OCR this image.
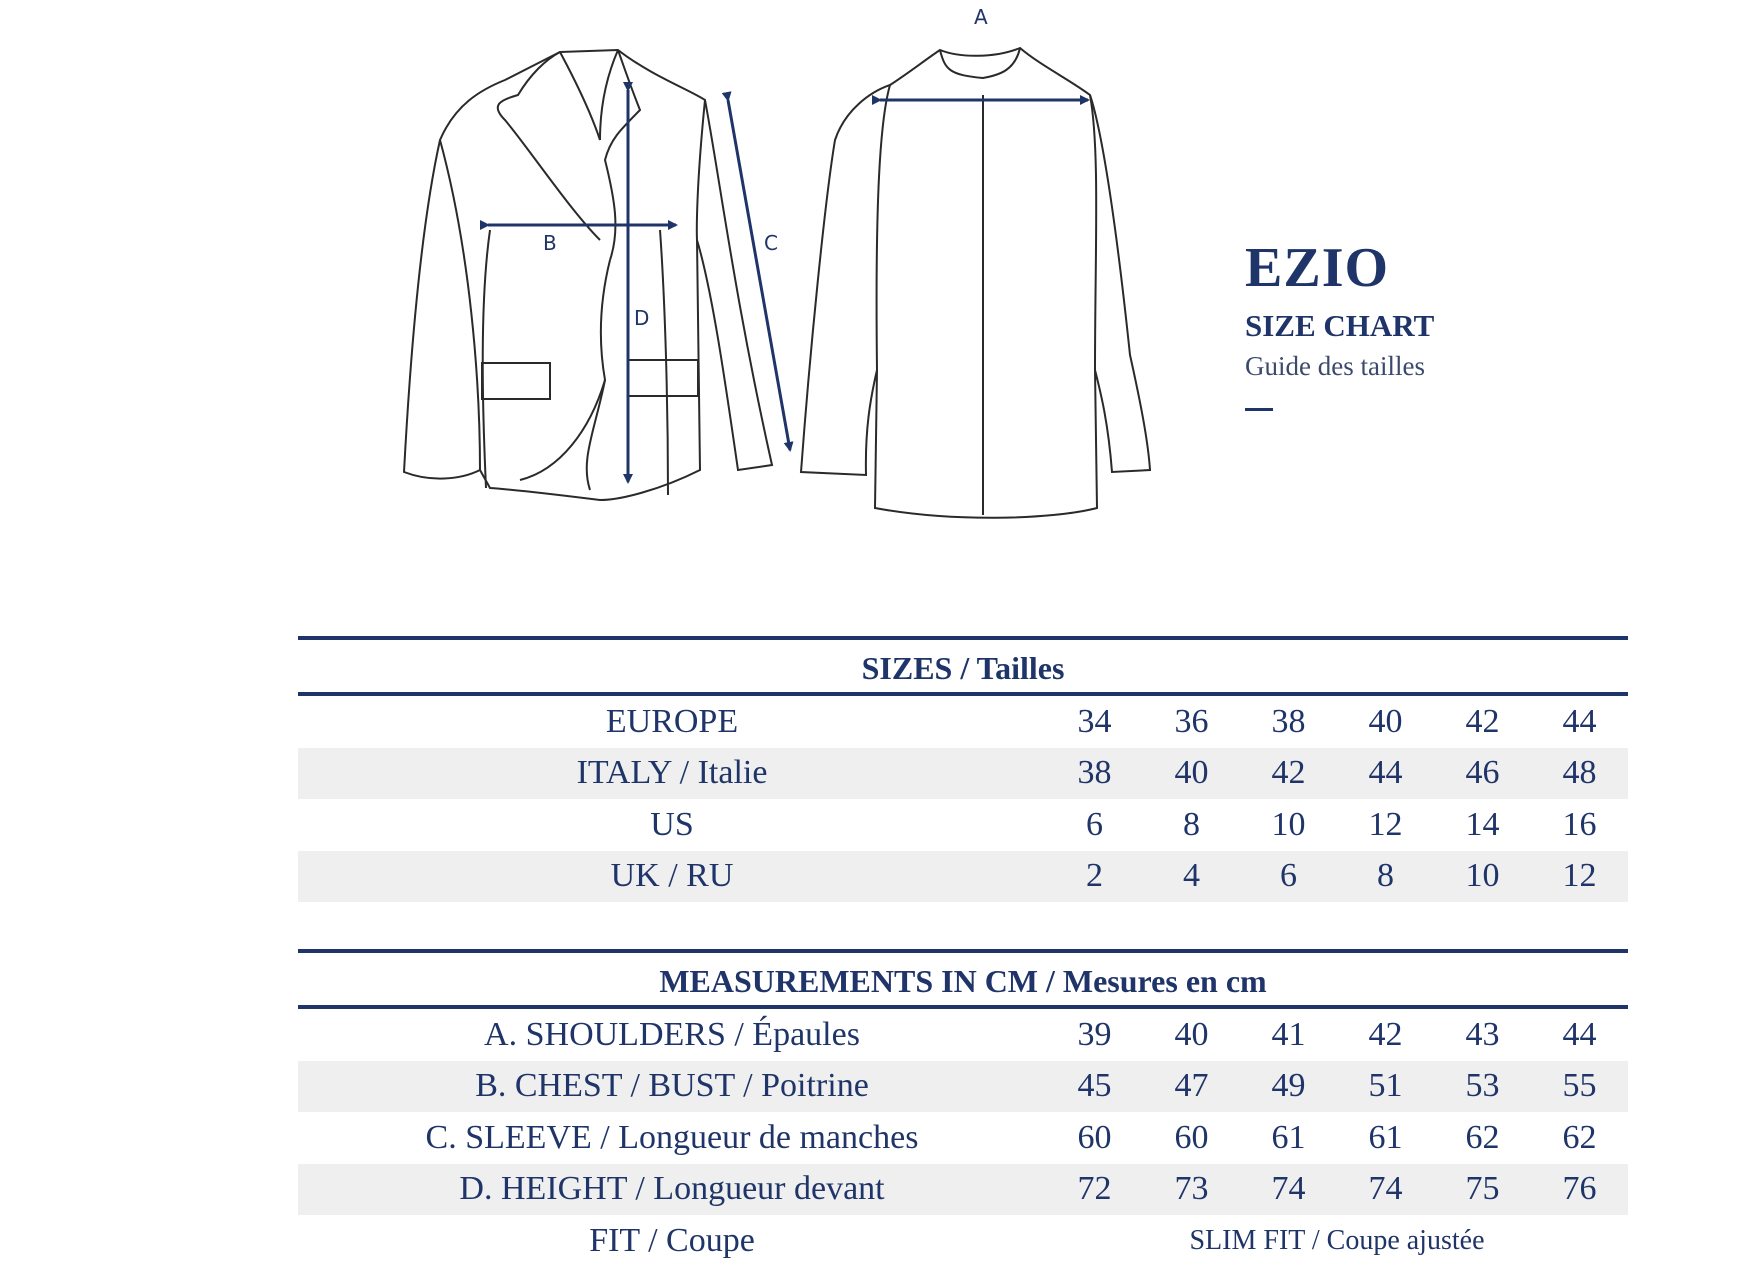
B
D
C
A
EZIO
SIZE CHART
Guide des tailles
SIZES / Tailles
EUROPE	34	36	38	40	42	44
ITALY / Italie	38	40	42	44	46	48
US	6	8	10	12	14	16
UK / RU	2	4	6	8	10	12
MEASUREMENTS IN CM / Mesures en cm
A. SHOULDERS / Épaules	39	40	41	42	43	44
B. CHEST / BUST / Poitrine	45	47	49	51	53	55
C. SLEEVE / Longueur de manches	60	60	61	61	62	62
D. HEIGHT / Longueur devant	72	73	74	74	75	76
FIT / Coupe	SLIM FIT / Coupe ajustée
